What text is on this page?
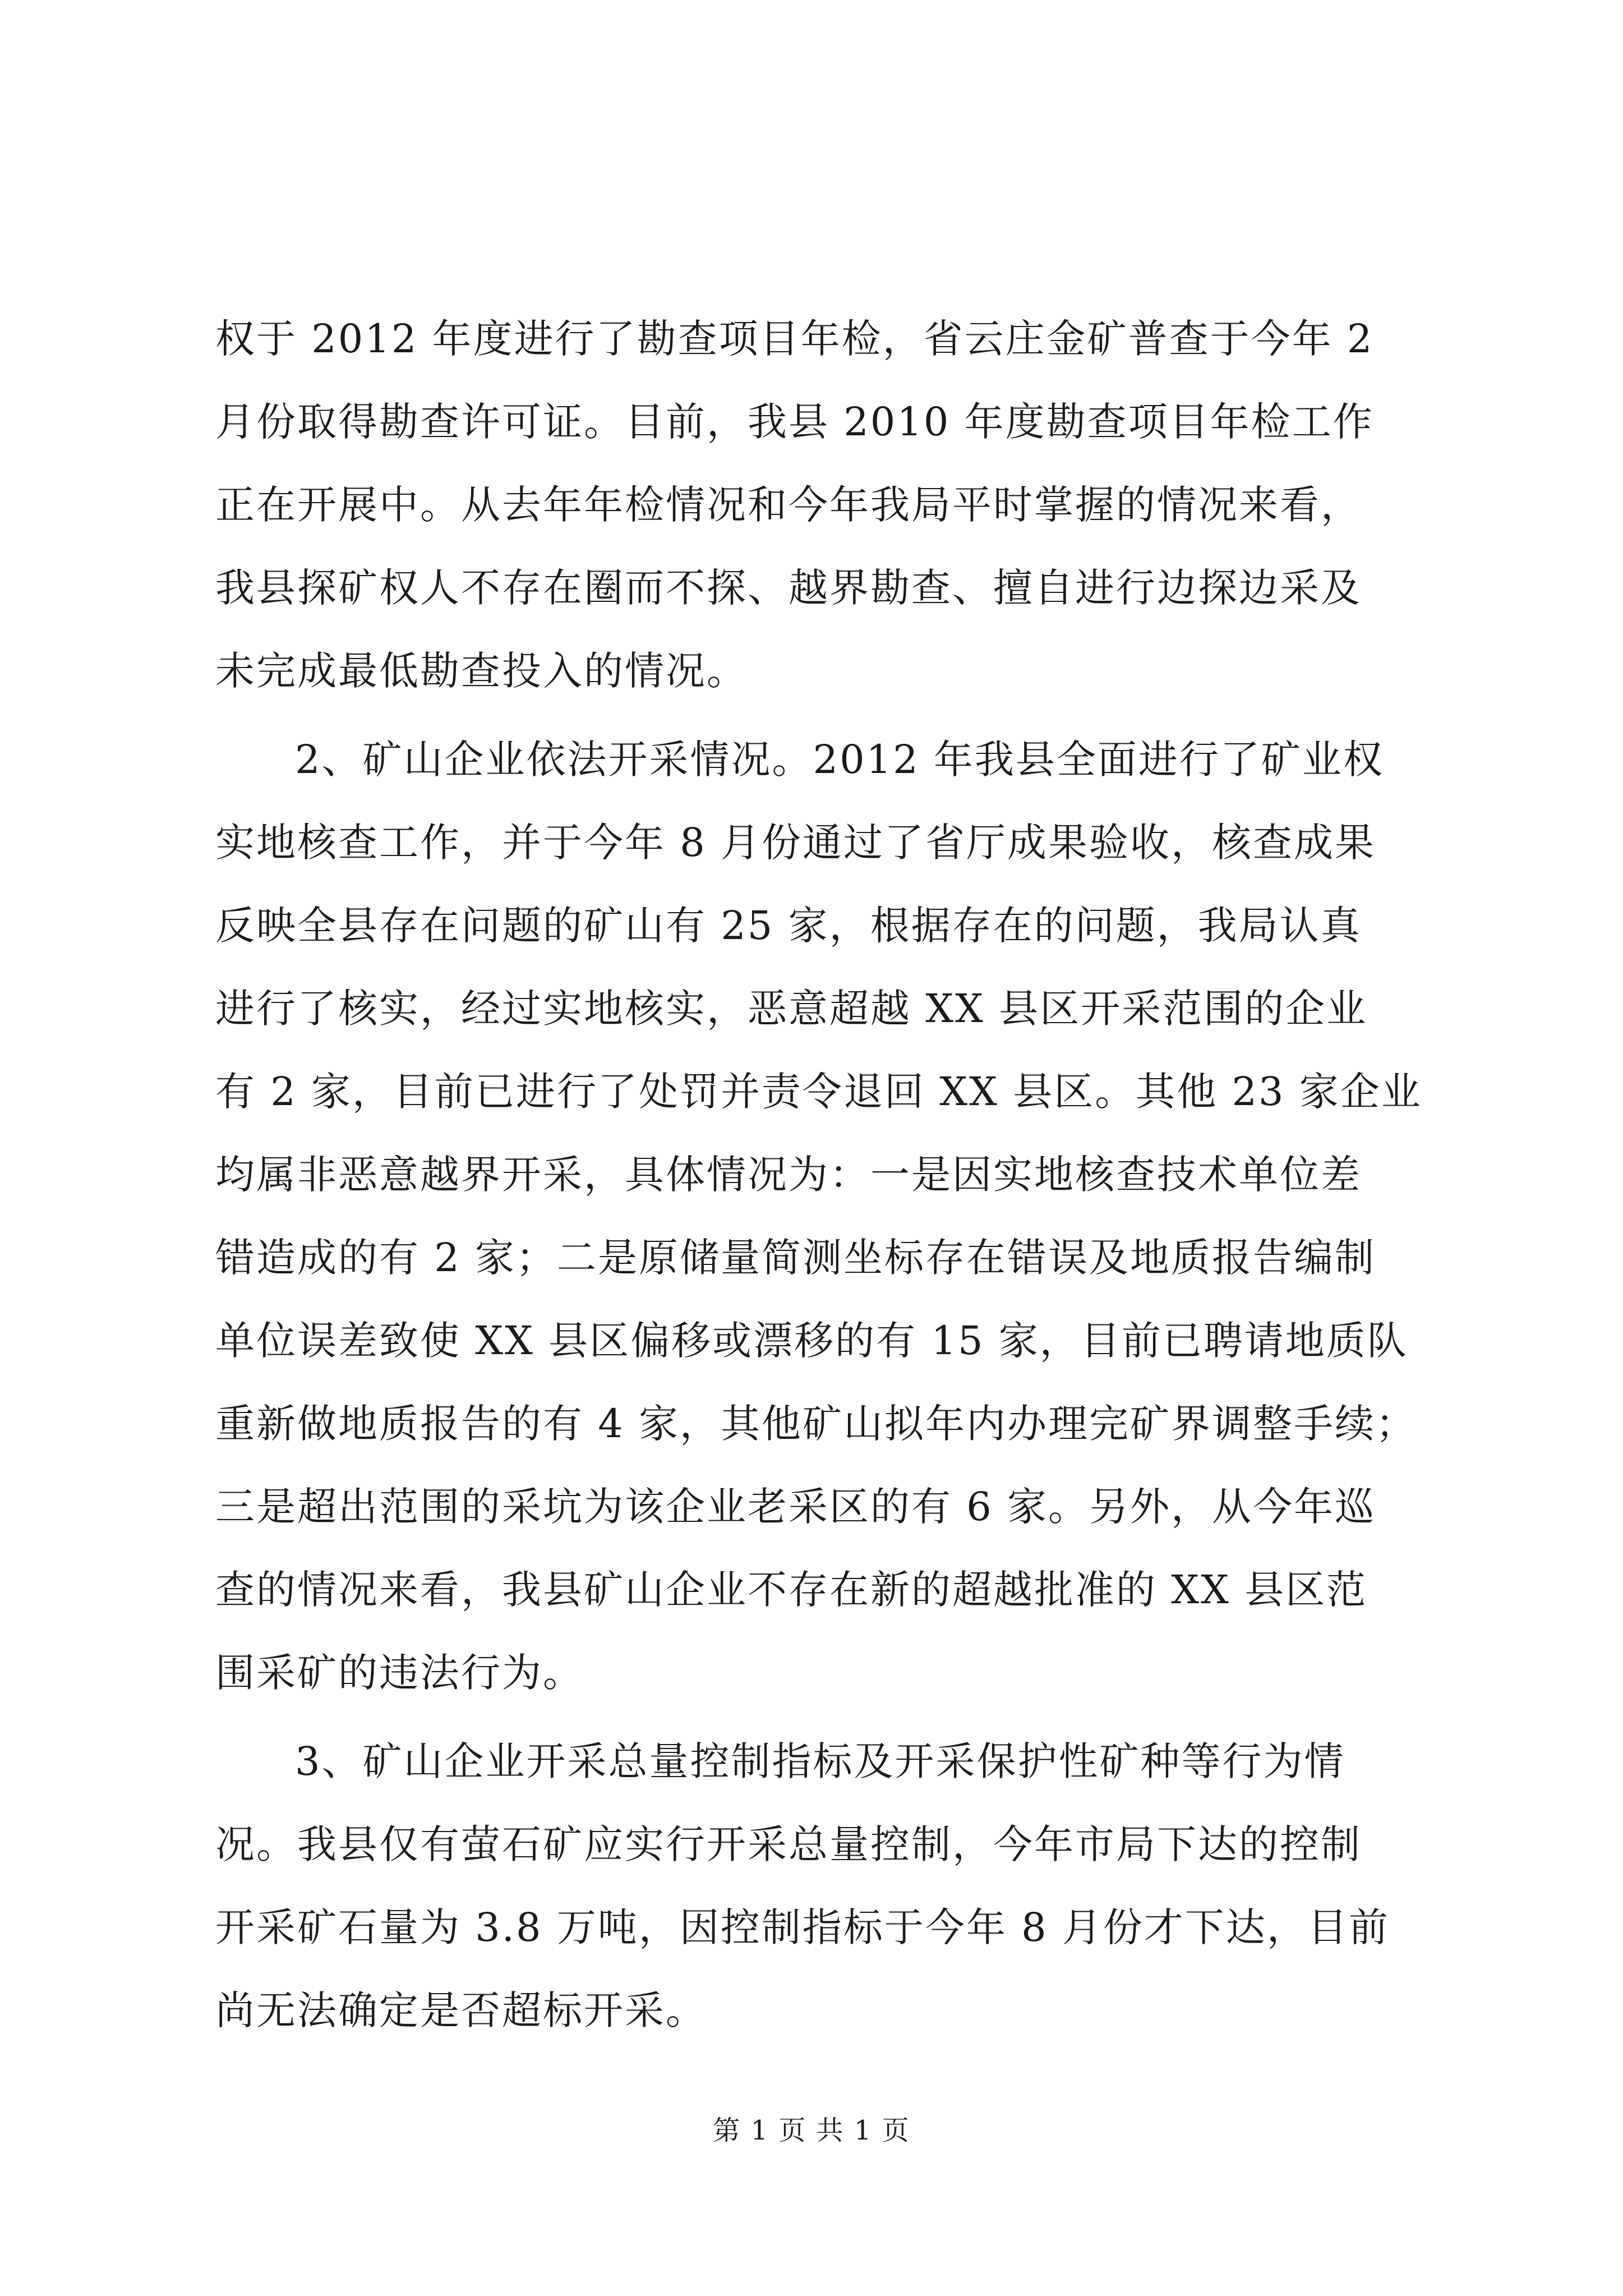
权于 2012 年度进行了勘查项目年检，省云庄金矿普查于今年 2
月份取得勘查许可证。目前，我县 2010 年度勘查项目年检工作
正在开展中。从去年年检情况和今年我局平时掌握的情况来看，
我县探矿权人不存在圈而不探、越界勘查、擅自进行边探边采及
未完成最低勘查投入的情况。
2、矿山企业依法开采情况。2012 年我县全面进行了矿业权
实地核查工作，并于今年 8 月份通过了省厅成果验收，核查成果
反映全县存在问题的矿山有 25 家，根据存在的问题，我局认真
进行了核实，经过实地核实，恶意超越 XX 县区开采范围的企业
有 2 家，目前已进行了处罚并责令退回 XX 县区。其他 23 家企业
均属非恶意越界开采，具体情况为：一是因实地核查技术单位差
错造成的有 2 家；二是原储量简测坐标存在错误及地质报告编制
单位误差致使 XX 县区偏移或漂移的有 15 家，目前已聘请地质队
重新做地质报告的有 4 家，其他矿山拟年内办理完矿界调整手续；
三是超出范围的采坑为该企业老采区的有 6 家。另外，从今年巡
查的情况来看，我县矿山企业不存在新的超越批准的 XX 县区范
围采矿的违法行为。
3、矿山企业开采总量控制指标及开采保护性矿种等行为情
况。我县仅有萤石矿应实行开采总量控制，今年市局下达的控制
开采矿石量为 3.8 万吨，因控制指标于今年 8 月份才下达，目前
尚无法确定是否超标开采。
第 1 页 共 1 页
